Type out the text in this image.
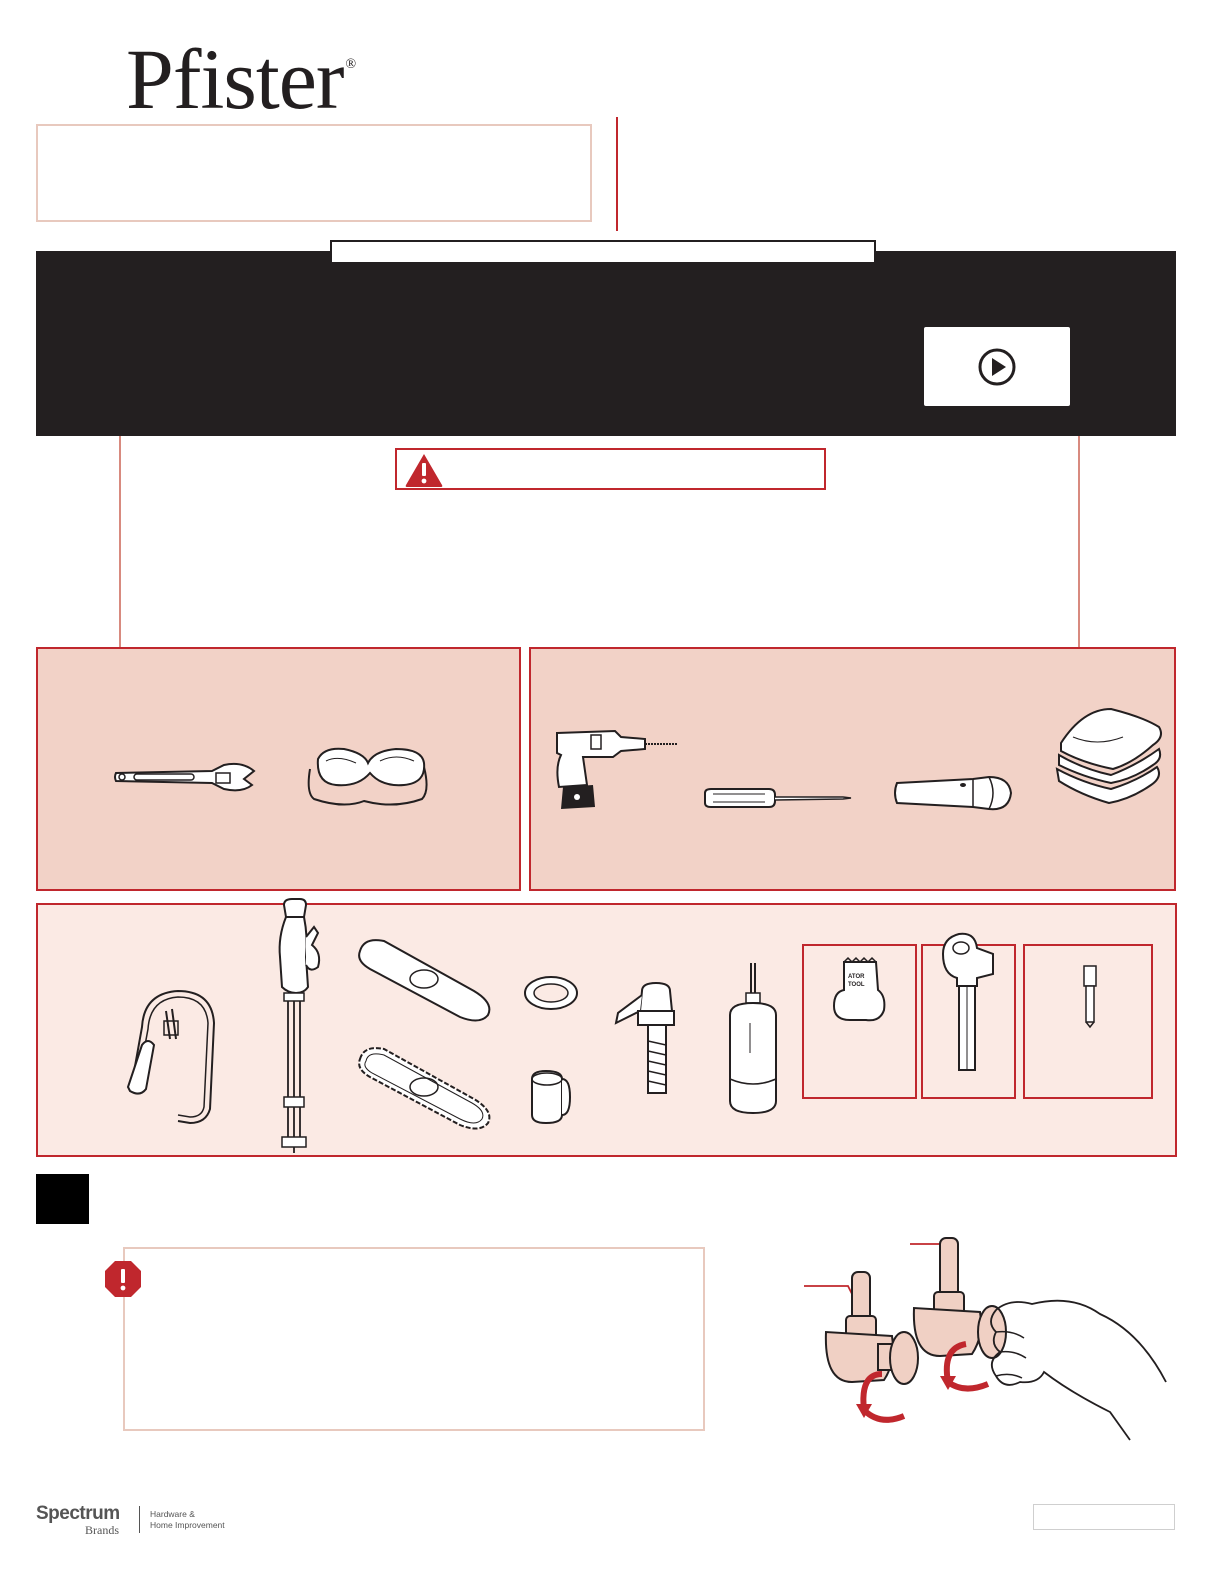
Pfister ®
ATOR
TOOL
Spectrum
Brands
Hardware &
Home Improvement
